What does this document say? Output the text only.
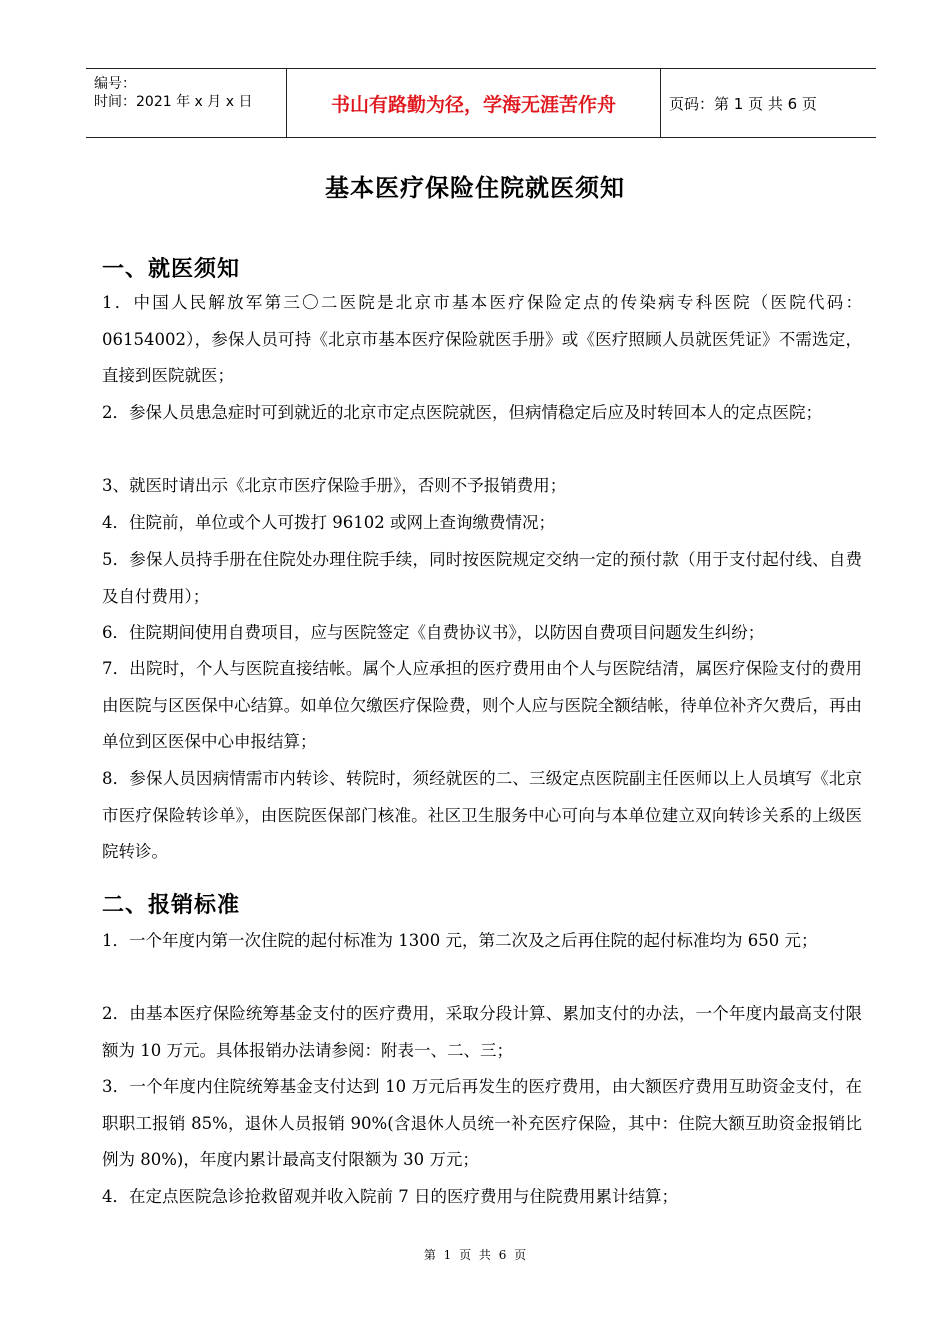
编号：
时间：2021 年 x 月 x 日	书山有路勤为径，学海无涯苦作舟	页码：第 1 页 共 6 页
基本医疗保险住院就医须知
一、就医须知
1．中国人民解放军第三〇二医院是北京市基本医疗保险定点的传染病专科医院（医院代码：06154002），参保人员可持《北京市基本医疗保险就医手册》或《医疗照顾人员就医凭证》不需选定，直接到医院就医；
2．参保人员患急症时可到就近的北京市定点医院就医，但病情稳定后应及时转回本人的定点医院；
3、就医时请出示《北京市医疗保险手册》，否则不予报销费用；
4．住院前，单位或个人可拨打 96102 或网上查询缴费情况；
5．参保人员持手册在住院处办理住院手续，同时按医院规定交纳一定的预付款（用于支付起付线、自费及自付费用）；
6．住院期间使用自费项目，应与医院签定《自费协议书》，以防因自费项目问题发生纠纷；
7．出院时，个人与医院直接结帐。属个人应承担的医疗费用由个人与医院结清，属医疗保险支付的费用由医院与区医保中心结算。如单位欠缴医疗保险费，则个人应与医院全额结帐，待单位补齐欠费后，再由单位到区医保中心申报结算；
8．参保人员因病情需市内转诊、转院时，须经就医的二、三级定点医院副主任医师以上人员填写《北京市医疗保险转诊单》，由医院医保部门核准。社区卫生服务中心可向与本单位建立双向转诊关系的上级医院转诊。
二、报销标准
1．一个年度内第一次住院的起付标准为 1300 元，第二次及之后再住院的起付标准均为 650 元；
2．由基本医疗保险统筹基金支付的医疗费用，采取分段计算、累加支付的办法，一个年度内最高支付限额为 10 万元。具体报销办法请参阅：附表一、二、三；
3．一个年度内住院统筹基金支付达到 10 万元后再发生的医疗费用，由大额医疗费用互助资金支付，在职职工报销 85%，退休人员报销 90%(含退休人员统一补充医疗保险，其中：住院大额互助资金报销比例为 80%)，年度内累计最高支付限额为 30 万元；
4．在定点医院急诊抢救留观并收入院前 7 日的医疗费用与住院费用累计结算；
第 1 页 共 6 页
